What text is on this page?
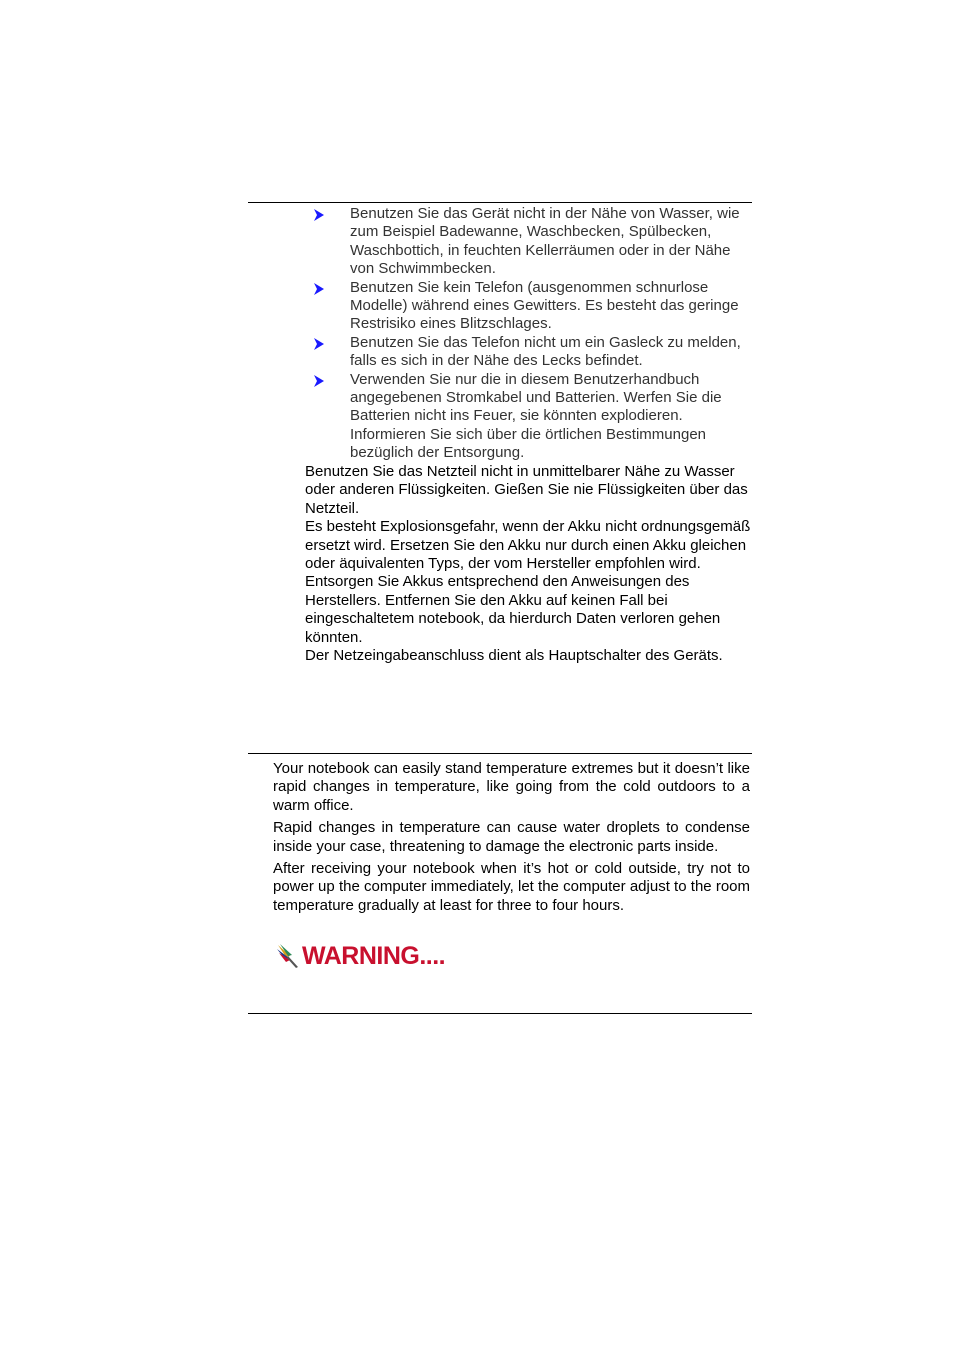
Benutzen Sie das Gerät nicht in der Nähe von Wasser, wie zum Beispiel Badewanne, Waschbecken, Spülbecken, Waschbottich, in feuchten Kellerräumen oder in der Nähe von Schwimmbecken.
Benutzen Sie kein Telefon (ausgenommen schnurlose Modelle) während eines Gewitters. Es besteht das geringe Restrisiko eines Blitzschlages.
Benutzen Sie das Telefon nicht um ein Gasleck zu melden, falls es sich in der Nähe des Lecks befindet.
Verwenden Sie nur die in diesem Benutzerhandbuch angegebenen Stromkabel und Batterien. Werfen Sie die Batterien nicht ins Feuer, sie könnten explodieren. Informieren Sie sich über die örtlichen Bestimmungen bezüglich der Entsorgung.

Benutzen Sie das Netzteil nicht in unmittelbarer Nähe zu Wasser oder anderen Flüssigkeiten. Gießen Sie nie Flüssigkeiten über das Netzteil.

Es besteht Explosionsgefahr, wenn der Akku nicht ordnungsgemäß ersetzt wird. Ersetzen Sie den Akku nur durch einen Akku gleichen oder äquivalenten Typs, der vom Hersteller empfohlen wird. Entsorgen Sie Akkus entsprechend den Anweisungen des Herstellers. Entfernen Sie den Akku auf keinen Fall bei eingeschaltetem notebook, da hierdurch Daten verloren gehen könnten.

Der Netzeingabeanschluss dient als Hauptschalter des Geräts.

Your notebook can easily stand temperature extremes but it doesn’t like rapid changes in temperature, like going from the cold outdoors to a warm office.

Rapid changes in temperature can cause water droplets to condense inside your case, threatening to damage the electronic parts inside.

After receiving your notebook when it’s hot or cold outside, try not to power up the computer immediately, let the computer adjust to the room temperature gradually at least for three to four hours.

WARNING....
